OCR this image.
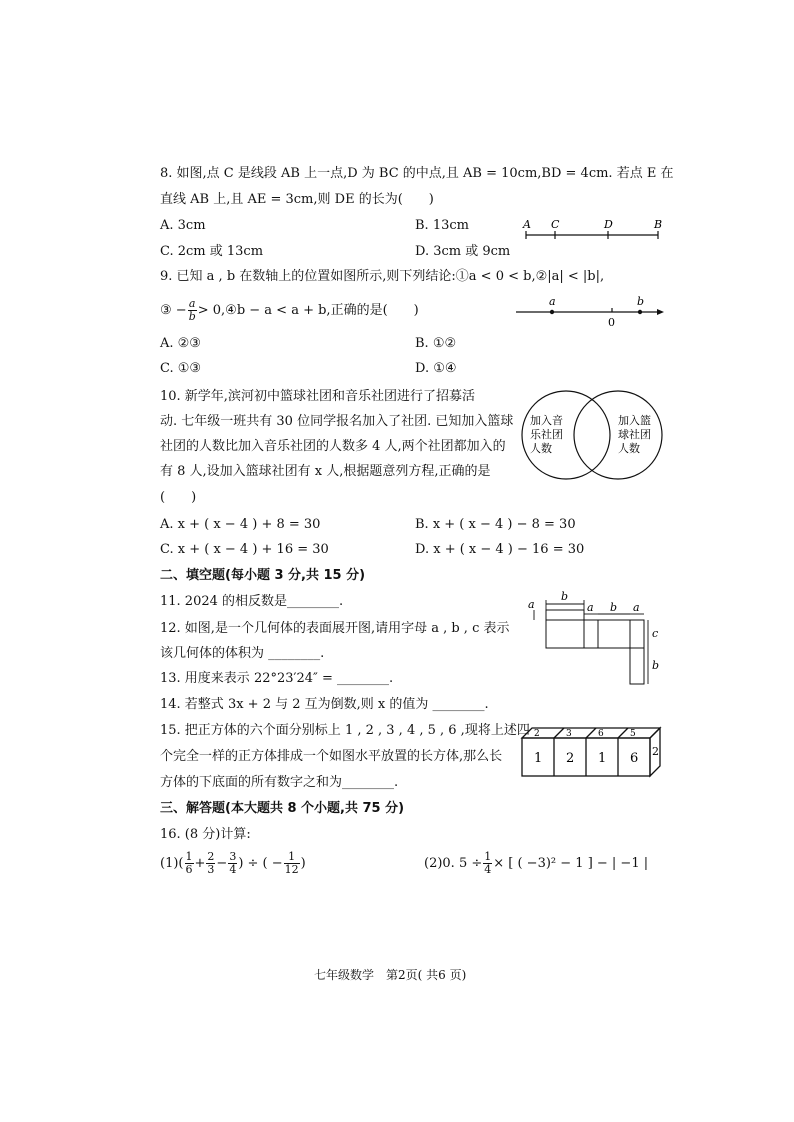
8. 如图,点 C 是线段 AB 上一点,D 为 BC 的中点,且 AB = 10cm,BD = 4cm. 若点 E 在
直线 AB 上,且 AE = 3cm,则 DE 的长为(　　)
A. 3cm	B. 13cm
C. 2cm 或 13cm	D. 3cm 或 9cm
A C	D	B
9. 已知 a , b 在数轴上的位置如图所示,则下列结论:①a < 0 < b,②|a| < |b|,
③ − $\frac{a}{b}$ > 0,④b − a < a + b,正确的是(　　)
A. ②③	B. ①②
C. ①③	D. ①④
a
0
b
10. 新学年,滨河初中篮球社团和音乐社团进行了招募活
动. 七年级一班共有 30 位同学报名加入了社团. 已知加入篮球
社团的人数比加入音乐社团的人数多 4 人,两个社团都加入的
有 8 人,设加入篮球社团有 x 人,根据题意列方程,正确的是
(　　)
加入音
乐社团
人数
加入篮
球社团
人数
A. x + ( x − 4 ) + 8 = 30	B. x + ( x − 4 ) − 8 = 30
C. x + ( x − 4 ) + 16 = 30	D. x + ( x − 4 ) − 16 = 30
二、填空题(每小题 3 分,共 15 分)
11. 2024 的相反数是________.
12. 如图,是一个几何体的表面展开图,请用字母 a , b , c 表示
该几何体的体积为 ________.
b
a b a
a
c
b
13. 用度来表示 22°23′24″ = ________.
14. 若整式 3x + 2 与 2 互为倒数,则 x 的值为 ________.
15. 把正方体的六个面分别标上 1 , 2 , 3 , 4 , 5 , 6 ,现将上述四
个完全一样的正方体排成一个如图水平放置的长方体,那么长
方体的下底面的所有数字之和为________.
2	3	6	5
1 2 1 6 2
三、解答题(本大题共 8 个小题,共 75 分)
16. (8 分)计算:
$(1)( \frac{1}{6} + \frac{2}{3} - \frac{3}{4}$ ) ÷ ( − $\frac{1}{12}$ )	(2)0. $5 \div \frac{1}{4}$ × [ ( −3)² − 1 ] − | −1 |
七年级数学　第2页( 共6 页)
